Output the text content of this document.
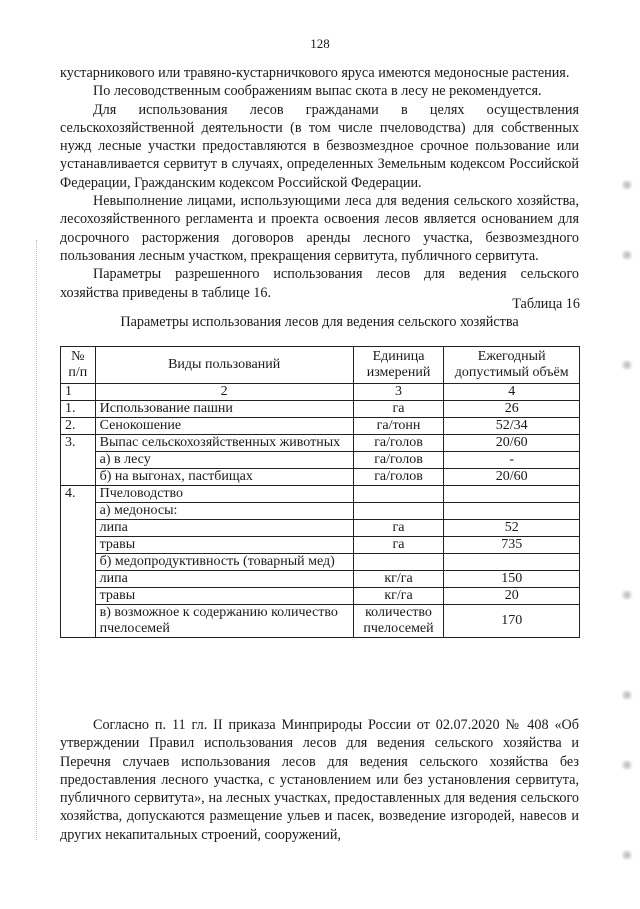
128

кустарникового или травяно-кустарничкового яруса имеются медоносные растения.

По лесоводственным соображениям выпас скота в лесу не рекомендуется.

Для использования лесов гражданами в целях осуществления сельскохозяйственной деятельности (в том числе пчеловодства) для собственных нужд лесные участки предоставляются в безвозмездное срочное пользование или устанавливается сервитут в случаях, определенных Земельным кодексом Российской Федерации, Гражданским кодексом Российской Федерации.

Невыполнение лицами, использующими леса для ведения сельского хозяйства, лесохозяйственного регламента и проекта освоения лесов является основанием для досрочного расторжения договоров аренды лесного участка, безвозмездного пользования лесным участком, прекращения сервитута, публичного сервитута.

Параметры разрешенного использования лесов для ведения сельского хозяйства приведены в таблице 16.

Таблица 16
Параметры использования лесов для ведения сельского хозяйства
№ п/п	Виды пользований	Единица измерений	Ежегодный допустимый объём
1	2	3	4
1.	Использование пашни	га	26
2.	Сенокошение	га/тонн	52/34
3.	Выпас сельскохозяйственных животных	га/голов	20/60
	а) в лесу	га/голов	-
	б) на выгонах, пастбищах	га/голов	20/60
4.	Пчеловодство		
	а) медоносы:		
	липа	га	52
	травы	га	735
	б) медопродуктивность (товарный мед)		
	липа	кг/га	150
	травы	кг/га	20
	в) возможное к содержанию количество пчелосемей	количество пчелосемей	170

Согласно п. 11 гл. II приказа Минприроды России от 02.07.2020 № 408 «Об утверждении Правил использования лесов для ведения сельского хозяйства и Перечня случаев использования лесов для ведения сельского хозяйства без предоставления лесного участка, с установлением или без установления сервитута, публичного сервитута», на лесных участках, предоставленных для ведения сельского хозяйства, допускаются размещение ульев и пасек, возведение изгородей, навесов и других некапитальных строений, сооружений,
